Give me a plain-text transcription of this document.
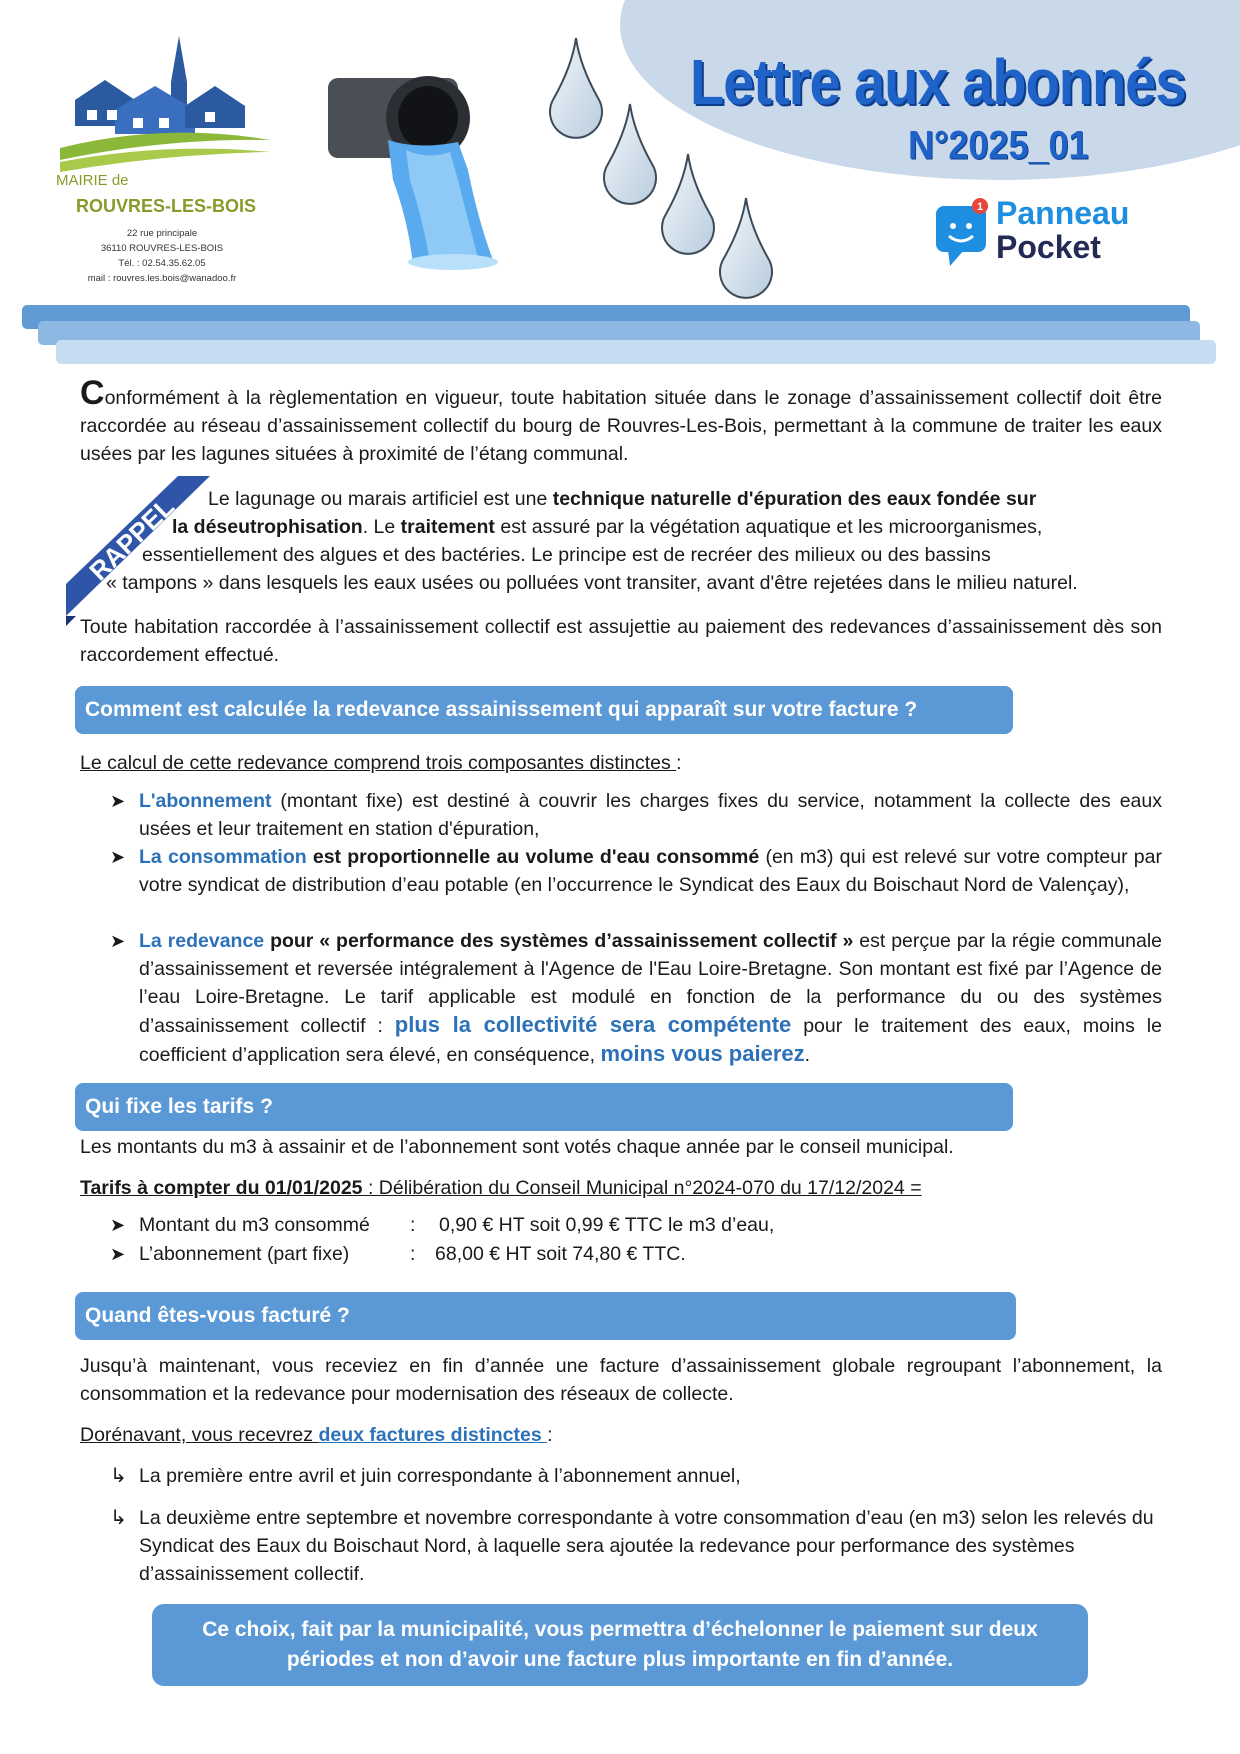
Lettre aux abonnés
N°2025_01
MAIRIE de
ROUVRES-LES-BOIS
22 rue principale
36110 ROUVRES-LES-BOIS
Tél. : 02.54.35.62.05
mail : rouvres.les.bois@wanadoo.fr
1 Panneau
Pocket
Conformément à la règlementation en vigueur, toute habitation située dans le zonage d’assainissement collectif doit être raccordée au réseau d’assainissement collectif du bourg de Rouvres-Les-Bois, permettant à la commune de traiter les eaux usées par les lagunes situées à proximité de l’étang communal.
RAPPEL Le lagunage ou marais artificiel est une technique naturelle d'épuration des eaux fondée sur
la déseutrophisation. Le traitement est assuré par la végétation aquatique et les microorganismes,
essentiellement des algues et des bactéries. Le principe est de recréer des milieux ou des bassins
« tampons » dans lesquels les eaux usées ou polluées vont transiter, avant d'être rejetées dans le milieu naturel.
Toute habitation raccordée à l’assainissement collectif est assujettie au paiement des redevances d’assainissement dès son raccordement effectué.
Comment est calculée la redevance assainissement qui apparaît sur votre facture ?
Le calcul de cette redevance comprend trois composantes distinctes :
➤ L'abonnement (montant fixe) est destiné à couvrir les charges fixes du service, notamment la collecte des eaux usées et leur traitement en station d'épuration,
➤ La consommation est proportionnelle au volume d'eau consommé (en m3) qui est relevé sur votre compteur par votre syndicat de distribution d’eau potable (en l’occurrence le Syndicat des Eaux du Boischaut Nord de Valençay),
➤ La redevance pour « performance des systèmes d’assainissement collectif » est perçue par la régie communale d’assainissement et reversée intégralement à l'Agence de l'Eau Loire-Bretagne. Son montant est fixé par l’Agence de l’eau Loire-Bretagne. Le tarif applicable est modulé en fonction de la performance du ou des systèmes d’assainissement collectif : plus la collectivité sera compétente pour le traitement des eaux, moins le coefficient d’application sera élevé, en conséquence, moins vous paierez.
Qui fixe les tarifs ?
Les montants du m3 à assainir et de l’abonnement sont votés chaque année par le conseil municipal.
Tarifs à compter du 01/01/2025 : Délibération du Conseil Municipal n°2024-070 du 17/12/2024 =
➤ Montant du m3 consommé : 0,90 € HT soit 0,99 € TTC le m3 d’eau,
➤ L’abonnement (part fixe)	: 68,00 € HT soit 74,80 € TTC.
Quand êtes-vous facturé ?
Jusqu’à maintenant, vous receviez en fin d’année une facture d’assainissement globale regroupant l’abonnement, la consommation et la redevance pour modernisation des réseaux de collecte.
Dorénavant, vous recevrez deux factures distinctes :
↳ La première entre avril et juin correspondante à l’abonnement annuel,
↳ La deuxième entre septembre et novembre correspondante à votre consommation d’eau (en m3) selon les relevés du Syndicat des Eaux du Boischaut Nord, à laquelle sera ajoutée la redevance pour performance des systèmes d’assainissement collectif.
Ce choix, fait par la municipalité, vous permettra d’échelonner le paiement sur deux
périodes et non d’avoir une facture plus importante en fin d’année.
